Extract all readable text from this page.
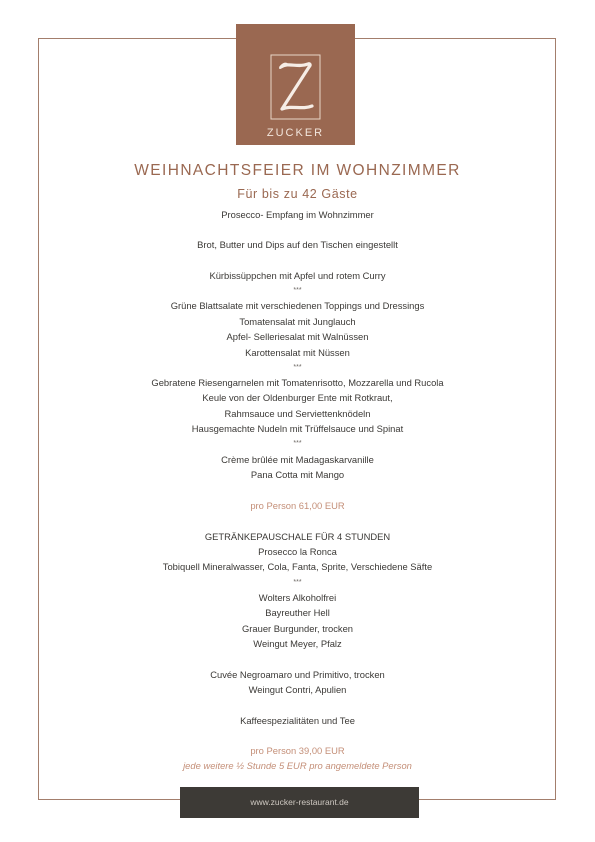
ZUCKER
WEIHNACHTSFEIER IM WOHNZIMMER
Für bis zu 42 Gäste
Prosecco- Empfang im Wohnzimmer
Brot, Butter und Dips auf den Tischen eingestellt
Kürbissüppchen mit Apfel und rotem Curry
***
Grüne Blattsalate mit verschiedenen Toppings und Dressings
Tomatensalat mit Junglauch
Apfel- Selleriesalat mit Walnüssen
Karottensalat mit Nüssen
***
Gebratene Riesengarnelen mit Tomatenrisotto, Mozzarella und Rucola
Keule von der Oldenburger Ente mit Rotkraut,
Rahmsauce und Serviettenknödeln
Hausgemachte Nudeln mit Trüffelsauce und Spinat
***
Crème brûlée mit Madagaskarvanille
Pana Cotta mit Mango
pro Person 61,00 EUR
GETRÄNKEPAUSCHALE FÜR 4 STUNDEN
Prosecco la Ronca
Tobiquell Mineralwasser, Cola, Fanta, Sprite, Verschiedene Säfte
***
Wolters Alkoholfrei
Bayreuther Hell
Grauer Burgunder, trocken
Weingut Meyer, Pfalz
Cuvée Negroamaro und Primitivo, trocken
Weingut Contri, Apulien
Kaffeespezialitäten und Tee
pro Person 39,00 EUR
jede weitere ½ Stunde 5 EUR pro angemeldete Person
www.zucker-restaurant.de
